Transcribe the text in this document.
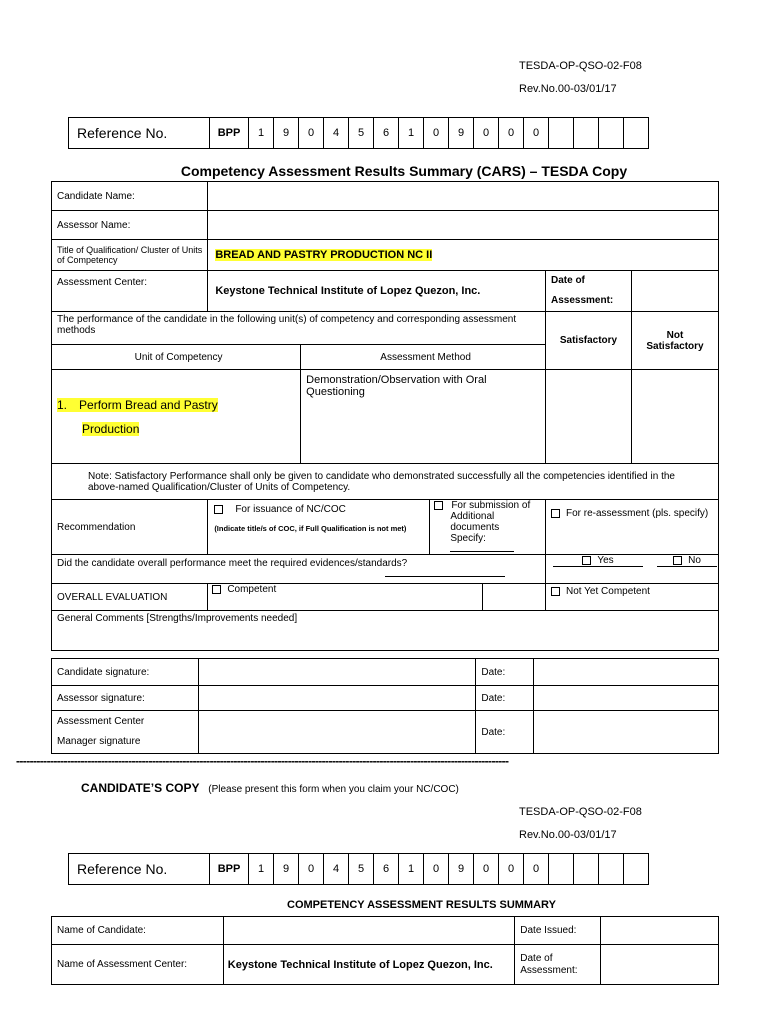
TESDA-OP-QSO-02-F08
Rev.No.00-03/01/17
Reference No.	BPP	1	9	0	4	5	6	1	0	9	0	0	0				
Competency Assessment Results Summary (CARS) – TESDA Copy
Candidate Name:				
Assessor Name:				
Title of Qualification/ Cluster of Units of Competency	BREAD AND PASTRY PRODUCTION NC II			
Assessment Center:	Keystone Technical Institute of Lopez Quezon, Inc.		Date of
Assessment:	

The performance of the candidate in the following unit(s) of competency and corresponding assessment methods			Satisfactory	Not Satisfactory
Unit of Competency		Assessment Method		

1. Perform Bread and Pastry
Production		Demonstration/Observation with Oral Questioning		
Note: Satisfactory Performance shall only be given to candidate who demonstrated successfully all the competencies identified in the above-named Qualification/Cluster of Units of Competency.				
Recommendation	For issuance of NC/COC
(Indicate title/s of COC, if Full Qualification is not met)
For submission of
Additional documents
Specify:		For re-assessment (pls. specify)	

Did the candidate overall performance meet the required evidences/standards?			Yes No	

OVERALL EVALUATION	Competent		Not Yet Competent	
General Comments [Strengths/Improvements needed]				
Candidate signature:		Date:	
Assessor signature:		Date:	

Assessment Center
Manager signature		Date:	
-------------------------------------------------------------------------------------------------------------------------------------------------
CANDIDATE’S COPY (Please present this form when you claim your NC/COC)
TESDA-OP-QSO-02-F08
Rev.No.00-03/01/17
Reference No.	BPP	1	9	0	4	5	6	1	0	9	0	0	0				
COMPETENCY ASSESSMENT RESULTS SUMMARY
Name of Candidate:		Date Issued:	
Name of Assessment Center:	Keystone Technical Institute of Lopez Quezon, Inc.	Date of Assessment:	
